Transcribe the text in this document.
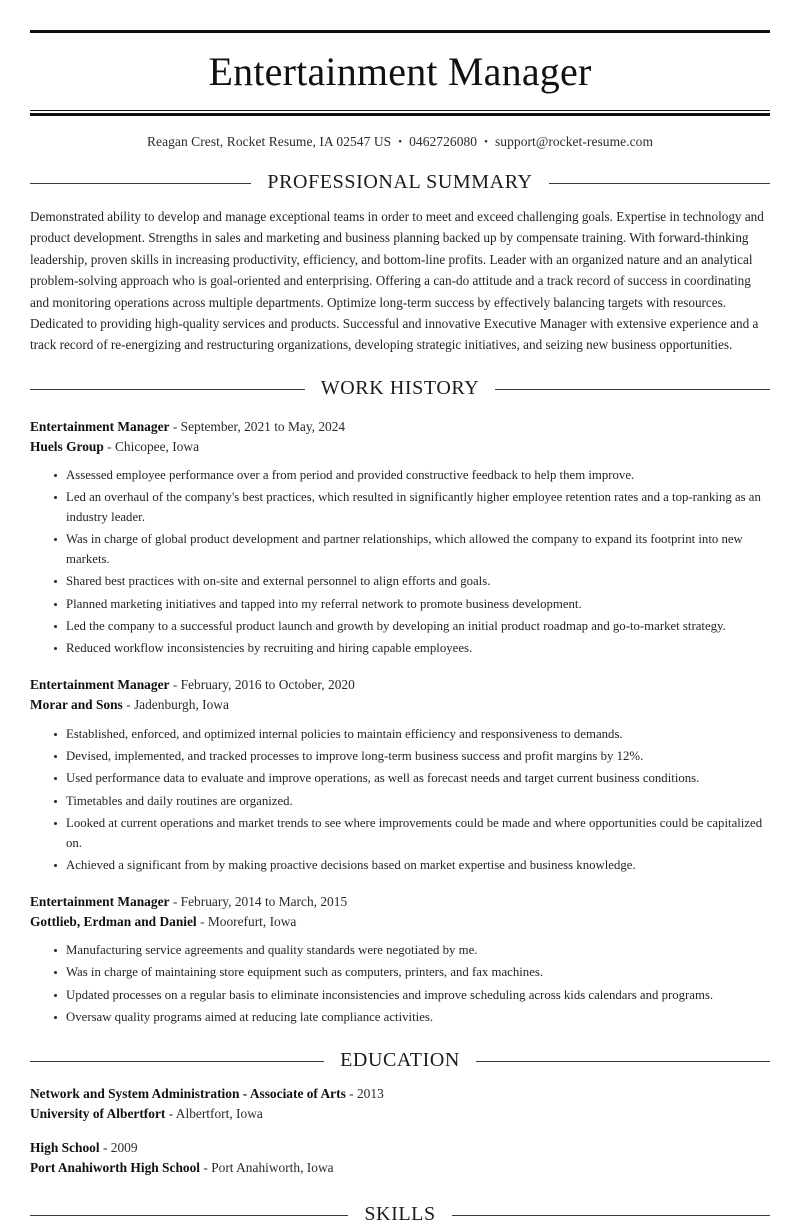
Entertainment Manager
Reagan Crest, Rocket Resume, IA 02547 US • 0462726080 • support@rocket-resume.com
PROFESSIONAL SUMMARY
Demonstrated ability to develop and manage exceptional teams in order to meet and exceed challenging goals. Expertise in technology and product development. Strengths in sales and marketing and business planning backed up by compensate training. With forward-thinking leadership, proven skills in increasing productivity, efficiency, and bottom-line profits. Leader with an organized nature and an analytical problem-solving approach who is goal-oriented and enterprising. Offering a can-do attitude and a track record of success in coordinating and monitoring operations across multiple departments. Optimize long-term success by effectively balancing targets with resources. Dedicated to providing high-quality services and products. Successful and innovative Executive Manager with extensive experience and a track record of re-energizing and restructuring organizations, developing strategic initiatives, and seizing new business opportunities.
WORK HISTORY
Entertainment Manager - September, 2021 to May, 2024
Huels Group - Chicopee, Iowa
Assessed employee performance over a from period and provided constructive feedback to help them improve.
Led an overhaul of the company's best practices, which resulted in significantly higher employee retention rates and a top-ranking as an industry leader.
Was in charge of global product development and partner relationships, which allowed the company to expand its footprint into new markets.
Shared best practices with on-site and external personnel to align efforts and goals.
Planned marketing initiatives and tapped into my referral network to promote business development.
Led the company to a successful product launch and growth by developing an initial product roadmap and go-to-market strategy.
Reduced workflow inconsistencies by recruiting and hiring capable employees.
Entertainment Manager - February, 2016 to October, 2020
Morar and Sons - Jadenburgh, Iowa
Established, enforced, and optimized internal policies to maintain efficiency and responsiveness to demands.
Devised, implemented, and tracked processes to improve long-term business success and profit margins by 12%.
Used performance data to evaluate and improve operations, as well as forecast needs and target current business conditions.
Timetables and daily routines are organized.
Looked at current operations and market trends to see where improvements could be made and where opportunities could be capitalized on.
Achieved a significant from by making proactive decisions based on market expertise and business knowledge.
Entertainment Manager - February, 2014 to March, 2015
Gottlieb, Erdman and Daniel - Moorefurt, Iowa
Manufacturing service agreements and quality standards were negotiated by me.
Was in charge of maintaining store equipment such as computers, printers, and fax machines.
Updated processes on a regular basis to eliminate inconsistencies and improve scheduling across kids calendars and programs.
Oversaw quality programs aimed at reducing late compliance activities.
EDUCATION
Network and System Administration - Associate of Arts - 2013
University of Albertfort - Albertfort, Iowa
High School - 2009
Port Anahiworth High School - Port Anahiworth, Iowa
SKILLS
